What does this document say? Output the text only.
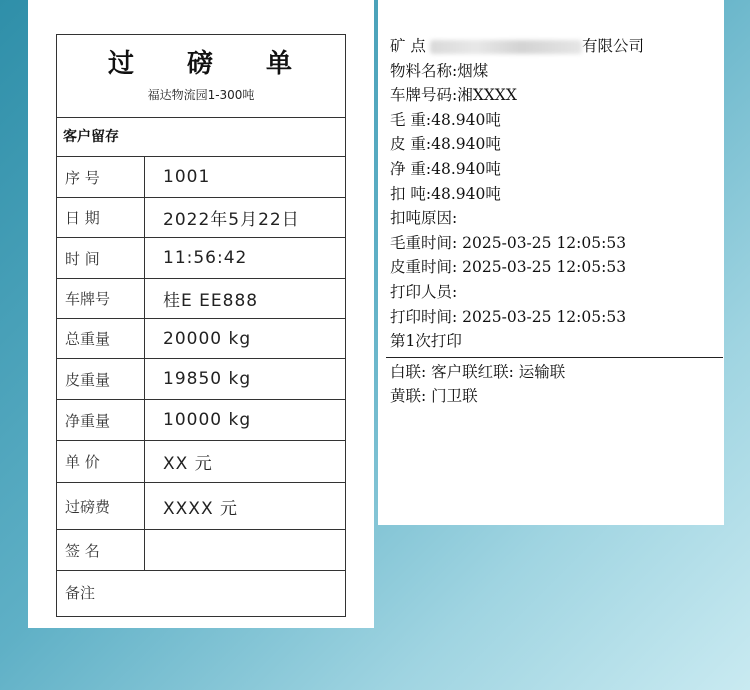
过 磅 单
福达物流园1-300吨
客户留存
序 号	1001
日 期	2022年5月22日
时 间	11:56:42
车牌号	桂E EE888
总重量	20000 kg
皮重量	19850 kg
净重量	10000 kg
单 价	XX 元
过磅费	XXXX 元
签 名
备注
矿 点	有限公司
物料名称:烟煤
车牌号码:湘XXXX
毛 重:48.940吨
皮 重:48.940吨
净 重:48.940吨
扣 吨:48.940吨
扣吨原因:
毛重时间: 2025-03-25 12:05:53
皮重时间: 2025-03-25 12:05:53
打印人员:
打印时间: 2025-03-25 12:05:53
第1次打印
白联: 客户联红联: 运输联
黄联: 门卫联
